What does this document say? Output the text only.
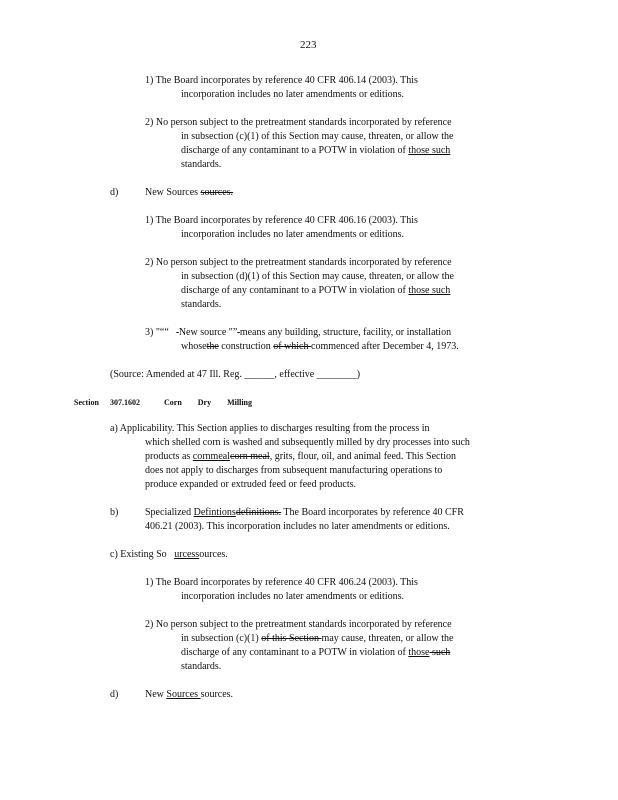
223
1) The Board incorporates by reference 40 CFR 406.14 (2003). This
incorporation includes no later amendments or editions.
2) No person subject to the pretreatment standards incorporated by reference
in subsection (c)(1) of this Section may cause, threaten, or allow the
discharge of any contaminant to a POTW in violation of those such
standards.
d)	New Sources sources.
1) The Board incorporates by reference 40 CFR 406.16 (2003). This
incorporation includes no later amendments or editions.
2) No person subject to the pretreatment standards incorporated by reference
in subsection (d)(1) of this Section may cause, threaten, or allow the
discharge of any contaminant to a POTW in violation of those such
standards.
3) "““ New source "” means any building, structure, facility, or installation
whosethe construction of which commenced after December 4, 1973.
(Source: Amended at 47 Ill. Reg. ______, effective ________)
Section 307.1602	Corn Dry Milling
a) Applicability. This Section applies to discharges resulting from the process in
which shelled corn is washed and subsequently milled by dry processes into such
products as cornmealcorn meal, grits, flour, oil, and animal feed. This Section
does not apply to discharges from subsequent manufacturing operations to
produce expanded or extruded feed or feed products.
b)	Specialized Defintionsdefinitions. The Board incorporates by reference 40 CFR
406.21 (2003). This incorporation includes no later amendments or editions.
c) Existing So urcessources.
1) The Board incorporates by reference 40 CFR 406.24 (2003). This
incorporation includes no later amendments or editions.
2) No person subject to the pretreatment standards incorporated by reference
in subsection (c)(1) of this Section may cause, threaten, or allow the
discharge of any contaminant to a POTW in violation of those such
standards.
d)	New Sources sources.
